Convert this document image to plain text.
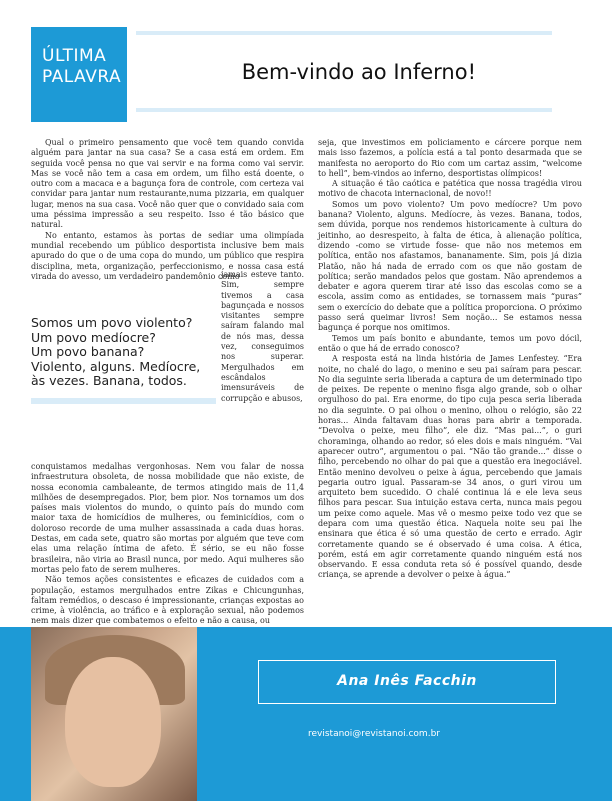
ÚLTIMA
PALAVRA	Bem-vindo ao Inferno!

Qual o primeiro pensamento que você tem quando convida alguém para jantar na sua casa? Se a casa está em ordem. Em seguida você pensa no que vai servir e na forma como vai servir. Mas se você não tem a casa em ordem, um filho está doente, o outro com a macaca e a bagunça fora de controle, com certeza vai convidar para jantar num restaurante,numa pizzaria, em qualquer lugar, menos na sua casa. Você não quer que o convidado saia com uma péssima impressão a seu respeito. Isso é tão básico que natural.

No entanto, estamos às portas de sediar uma olimpíada mundial recebendo um público desportista inclusive bem mais apurado do que o de uma copa do mundo, um público que respira disciplina, meta, organização, perfeccionismo, e nossa casa está virada do avesso, um verdadeiro pandemônio como

Somos um povo violento?
Um povo medíocre?
Um povo banana?
Violento, alguns. Medíocre,
às vezes. Banana, todos.

jamais esteve tanto. Sim, sempre tivemos a casa bagunçada e nossos visitantes sempre saíram falando mal de nós mas, dessa vez, conseguimos nos superar. Mergulhados em escândalos imensuráveis de corrupção e abusos,

conquistamos medalhas vergonhosas. Nem vou falar de nossa infraestrutura obsoleta, de nossa mobilidade que não existe, de nossa economia cambaleante, de termos atingido mais de 11,4 milhões de desempregados. Pior, bem pior. Nos tornamos um dos países mais violentos do mundo, o quinto país do mundo com maior taxa de homicídios de mulheres, ou feminicídios, com o doloroso recorde de uma mulher assassinada a cada duas horas. Destas, em cada sete, quatro são mortas por alguém que teve com elas uma relação íntima de afeto. É sério, se eu não fosse brasileira, não viria ao Brasil nunca, por medo. Aqui mulheres são mortas pelo fato de serem mulheres.

Não temos ações consistentes e eficazes de cuidados com a população, estamos mergulhados entre Zikas e Chicungunhas, faltam remédios, o descaso é impressionante, crianças expostas ao crime, à violência, ao tráfico e à exploração sexual, não podemos nem mais dizer que combatemos o efeito e não a causa, ou

seja, que investimos em policiamento e cárcere porque nem mais isso fazemos, a polícia está a tal ponto desarmada que se manifesta no aeroporto do Rio com um cartaz assim, “welcome to hell”, bem-vindos ao inferno, desportistas olímpicos!

A situação é tão caótica e patética que nossa tragédia virou motivo de chacota internacional, de novo!!

Somos um povo violento? Um povo medíocre? Um povo banana? Violento, alguns. Medíocre, às vezes. Banana, todos, sem dúvida, porque nos rendemos historicamente à cultura do jeitinho, ao desrespeito, à falta de ética, à alienação política, dizendo -como se virtude fosse- que não nos metemos em política, então nos afastamos, bananamente. Sim, pois já dizia Platão, não há nada de errado com os que não gostam de política; serão mandados pelos que gostam. Não aprendemos a debater e agora querem tirar até isso das escolas como se a escola, assim como as entidades, se tornassem mais “puras” sem o exercício do debate que a política proporciona. O próximo passo será queimar livros! Sem noção... Se estamos nessa bagunça é porque nos omitimos.

Temos um país bonito e abundante, temos um povo dócil, então o que há de errado conosco?

A resposta está na linda história de James Lenfestey. “Era noite, no chalé do lago, o menino e seu pai saíram para pescar. No dia seguinte seria liberada a captura de um determinado tipo de peixes. De repente o menino fisga algo grande, sob o olhar orgulhoso do pai. Era enorme, do tipo cuja pesca seria liberada no dia seguinte. O pai olhou o menino, olhou o relógio, são 22 horas... Ainda faltavam duas horas para abrir a temporada. “Devolva o peixe, meu filho”, ele diz. “Mas pai...”, o guri choramingа, olhando ao redor, só eles dois e mais ninguém. “Vai aparecer outro”, argumentou o pai. “Não tão grande...” disse o filho, percebendo no olhar do pai que a questão era inegociável. Então menino devolveu o peixe à água, percebendo que jamais pegaria outro igual. Passaram-se 34 anos, o guri virou um arquiteto bem sucedido. O chalé continua lá e ele leva seus filhos para pescar. Sua intuição estava certa, nunca mais pegou um peixe como aquele. Mas vê o mesmo peixe todo vez que se depara com uma questão ética. Naquela noite seu pai lhe ensinara que ética é só uma questão de certo e errado. Agir corretamente quando se é observado é uma coisa. A ética, porém, está em agir corretamente quando ninguém está nos observando. E essa conduta reta só é possível quando, desde criança, se aprende a devolver o peixe à água.”

Ana Inês Facchin
revistanoi@revistanoi.com.br
